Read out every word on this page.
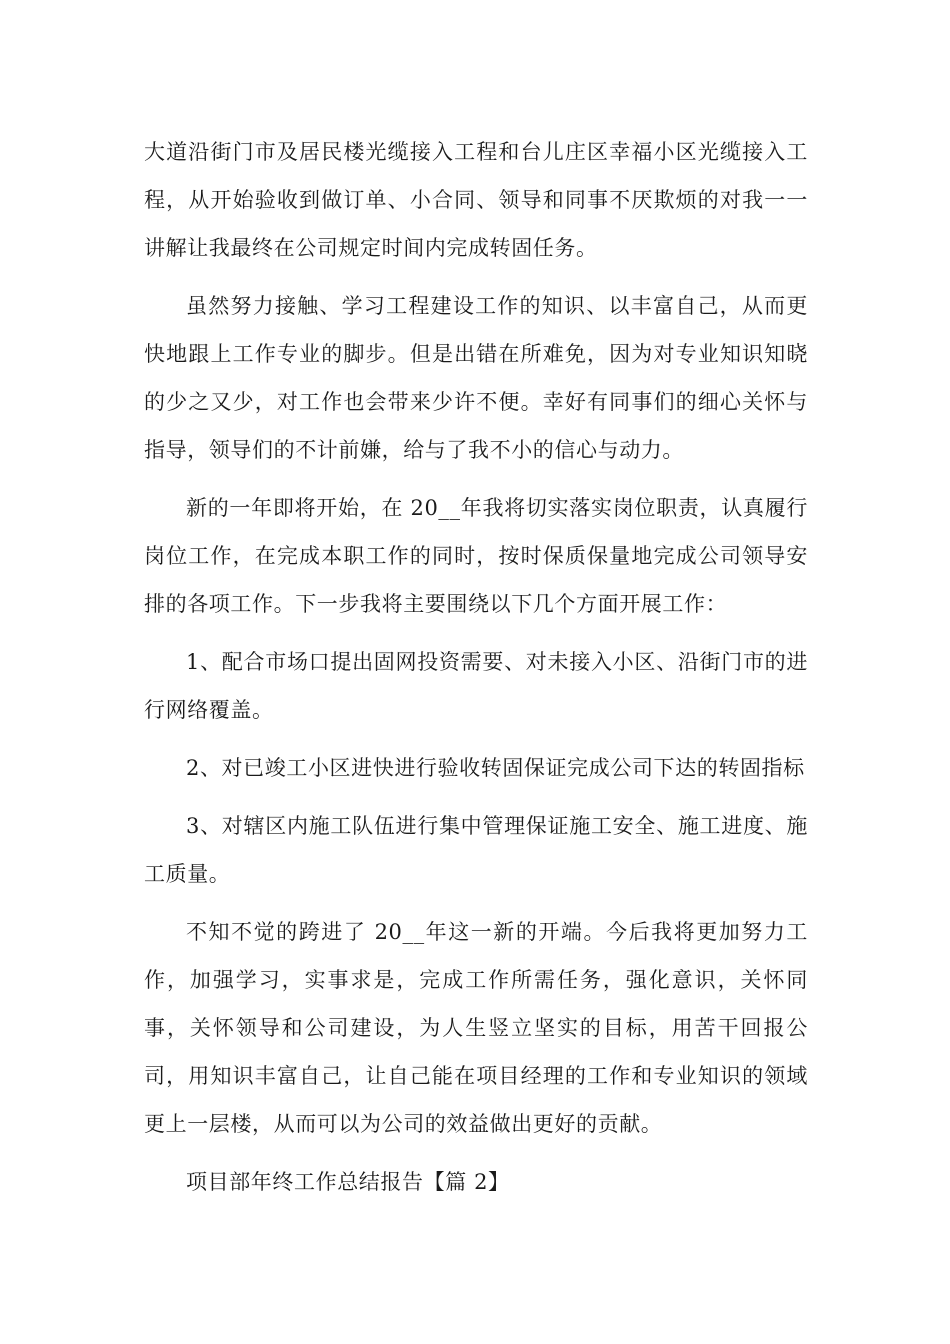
大道沿街门市及居民楼光缆接入工程和台儿庄区幸福小区光缆接入工程，从开始验收到做订单、小合同、领导和同事不厌欺烦的对我一一讲解让我最终在公司规定时间内完成转固任务。

虽然努力接触、学习工程建设工作的知识、以丰富自己，从而更快地跟上工作专业的脚步。但是出错在所难免，因为对专业知识知晓的少之又少，对工作也会带来少许不便。幸好有同事们的细心关怀与指导，领导们的不计前嫌，给与了我不小的信心与动力。

新的一年即将开始，在 20__年我将切实落实岗位职责，认真履行岗位工作，在完成本职工作的同时，按时保质保量地完成公司领导安排的各项工作。下一步我将主要围绕以下几个方面开展工作：

1、配合市场口提出固网投资需要、对未接入小区、沿街门市的进行网络覆盖。

2、对已竣工小区进快进行验收转固保证完成公司下达的转固指标

3、对辖区内施工队伍进行集中管理保证施工安全、施工进度、施工质量。

不知不觉的跨进了 20__年这一新的开端。今后我将更加努力工作，加强学习，实事求是，完成工作所需任务，强化意识，关怀同事，关怀领导和公司建设，为人生竖立坚实的目标，用苦干回报公司，用知识丰富自己，让自己能在项目经理的工作和专业知识的领域更上一层楼，从而可以为公司的效益做出更好的贡献。

项目部年终工作总结报告【篇 2】
